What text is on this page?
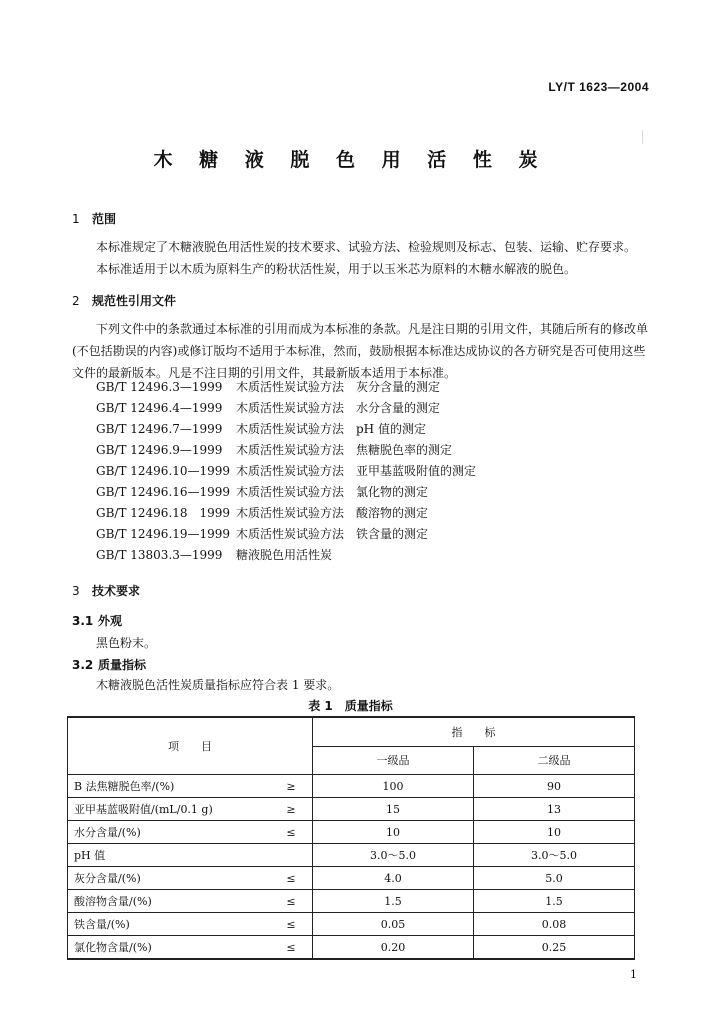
LY/T 1623—2004
木 糖 液 脱 色 用 活 性 炭
1 范围
本标准规定了木糖液脱色用活性炭的技术要求、试验方法、检验规则及标志、包装、运输、贮存要求。
本标准适用于以木质为原料生产的粉状活性炭，用于以玉米芯为原料的木糖水解液的脱色。
2 规范性引用文件
下列文件中的条款通过本标准的引用而成为本标准的条款。凡是注日期的引用文件，其随后所有的修改单(不包括勘误的内容)或修订版均不适用于本标准，然而，鼓励根据本标准达成协议的各方研究是否可使用这些文件的最新版本。凡是不注日期的引用文件，其最新版本适用于本标准。
GB/T 12496.3—1999 木质活性炭试验方法　灰分含量的测定
GB/T 12496.4—1999 木质活性炭试验方法　水分含量的测定
GB/T 12496.7—1999 木质活性炭试验方法　pH 值的测定
GB/T 12496.9—1999 木质活性炭试验方法　焦糖脱色率的测定
GB/T 12496.10—1999 木质活性炭试验方法　亚甲基蓝吸附值的测定
GB/T 12496.16—1999 木质活性炭试验方法　氯化物的测定
GB/T 12496.18　1999 木质活性炭试验方法　酸溶物的测定
GB/T 12496.19—1999 木质活性炭试验方法　铁含量的测定
GB/T 13803.3—1999 糖液脱色用活性炭
3 技术要求
3.1 外观
黑色粉末。
3.2 质量指标
木糖液脱色活性炭质量指标应符合表 1 要求。
表 1　质量指标
项　　目		指　　标	
		一级品	二级品
B 法焦糖脱色率/(%)	≥	100	90
亚甲基蓝吸附值/(mL/0.1 g)	≥	15	13
水分含量/(%)	≤	10	10
pH 值		3.0～5.0	3.0～5.0
灰分含量/(%)	≤	4.0	5.0
酸溶物含量/(%)	≤	1.5	1.5
铁含量/(%)	≤	0.05	0.08
氯化物含量/(%)	≤	0.20	0.25
1
